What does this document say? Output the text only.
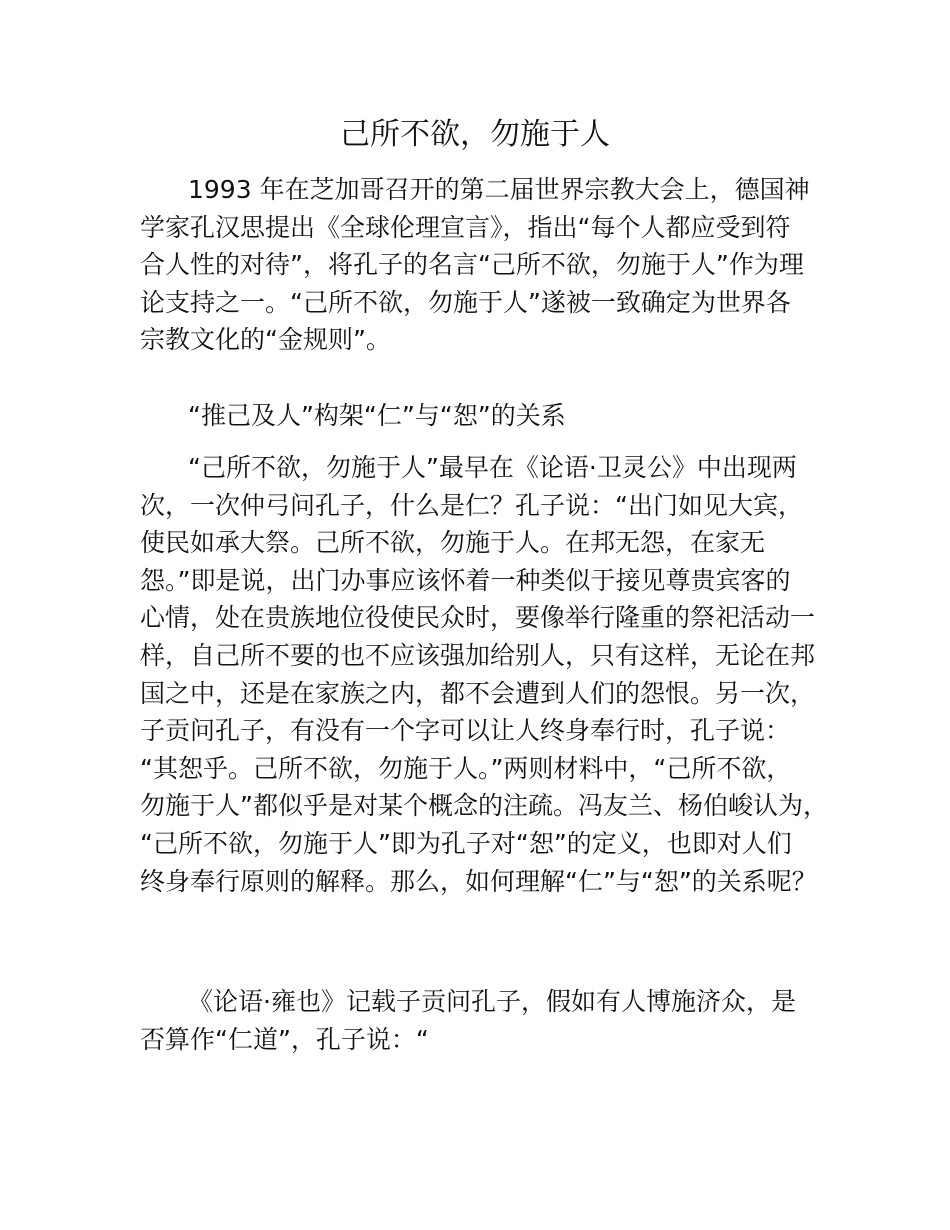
己所不欲，勿施于人
1993 年在芝加哥召开的第二届世界宗教大会上，德国神
学家孔汉思提出《全球伦理宣言》，指出“每个人都应受到符
合人性的对待”，将孔子的名言“己所不欲，勿施于人”作为理
论支持之一。“己所不欲，勿施于人”遂被一致确定为世界各
宗教文化的“金规则”。
“推己及人”构架“仁”与“恕”的关系
“己所不欲，勿施于人”最早在《论语·卫灵公》中出现两
次，一次仲弓问孔子，什么是仁？孔子说：“出门如见大宾，
使民如承大祭。己所不欲，勿施于人。在邦无怨，在家无
怨。”即是说，出门办事应该怀着一种类似于接见尊贵宾客的
心情，处在贵族地位役使民众时，要像举行隆重的祭祀活动一
样，自己所不要的也不应该强加给别人，只有这样，无论在邦
国之中，还是在家族之内，都不会遭到人们的怨恨。另一次，
子贡问孔子，有没有一个字可以让人终身奉行时，孔子说：
“其恕乎。己所不欲，勿施于人。”两则材料中，“己所不欲，
勿施于人”都似乎是对某个概念的注疏。冯友兰、杨伯峻认为，
“己所不欲，勿施于人”即为孔子对“恕”的定义，也即对人们
终身奉行原则的解释。那么，如何理解“仁”与“恕”的关系呢？
《论语·雍也》记载子贡问孔子，假如有人博施济众，是
否算作“仁道”，孔子说：“
